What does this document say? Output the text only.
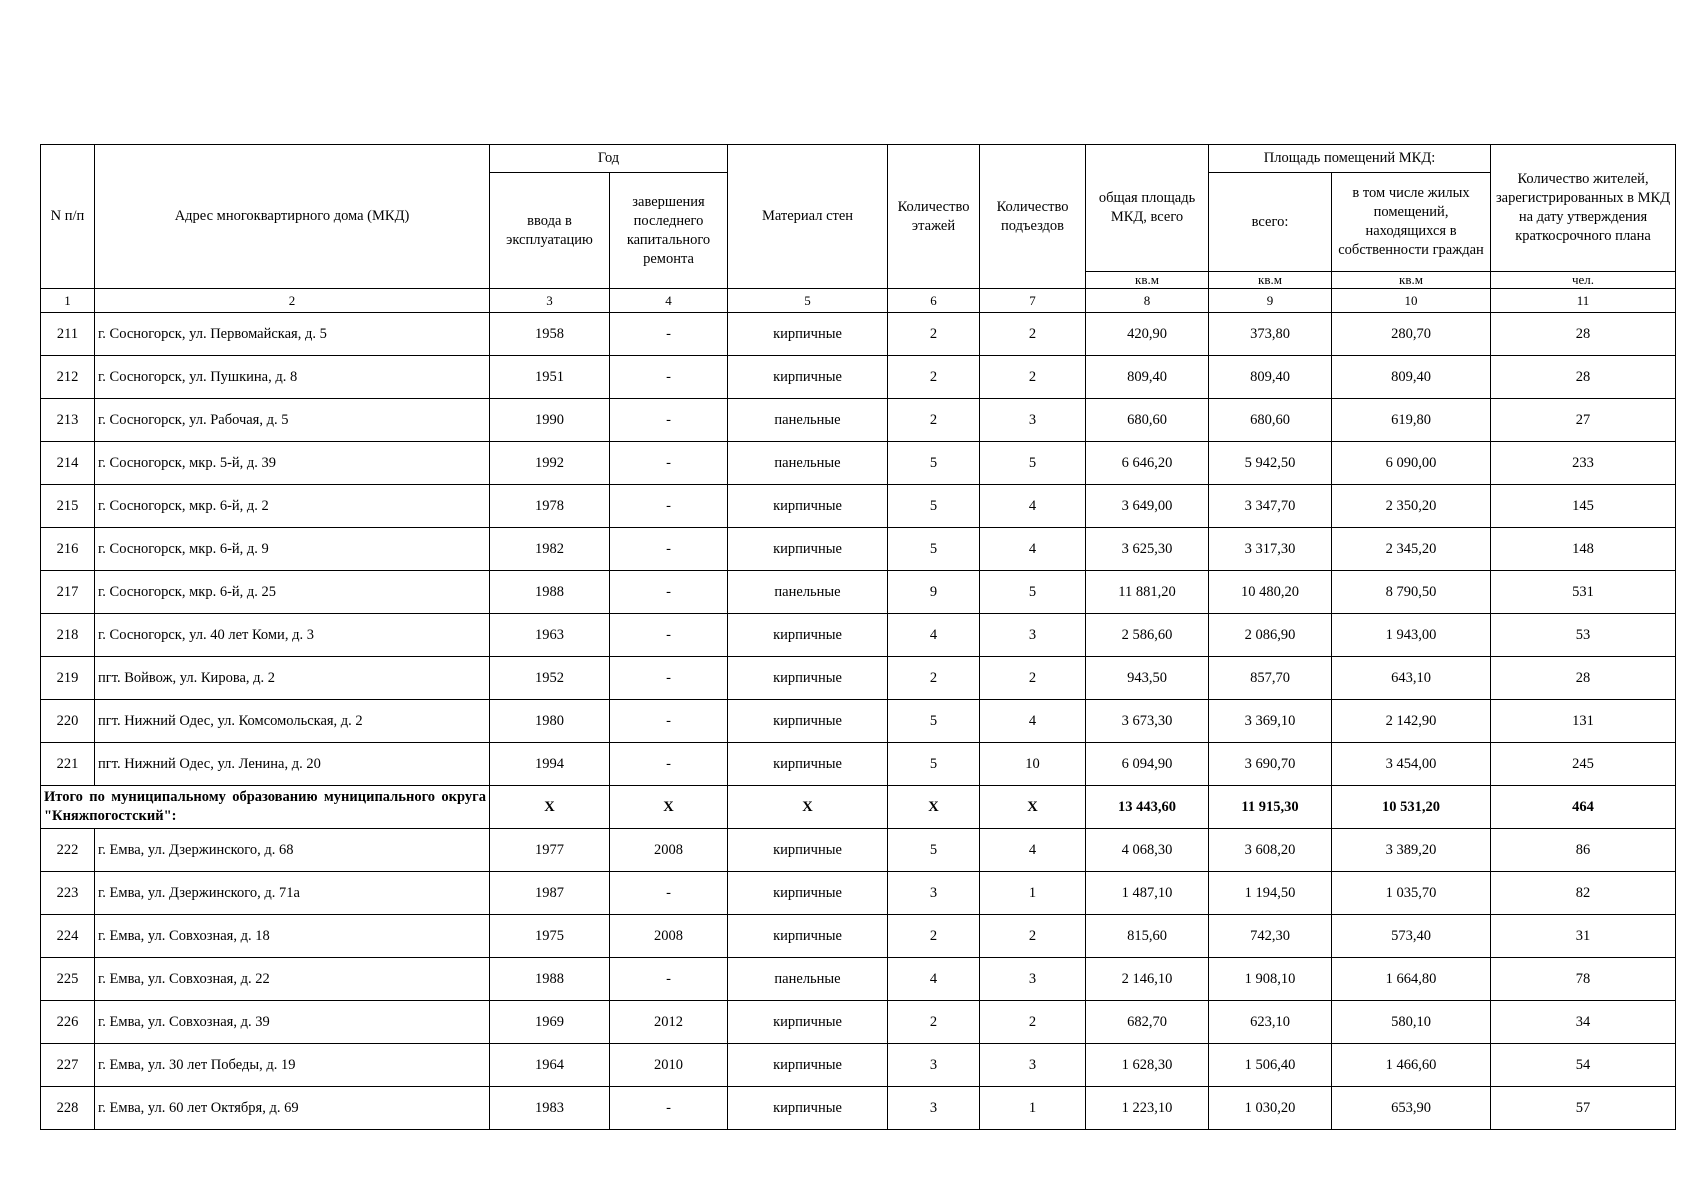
N п/п	Адрес многоквартирного дома (МКД)	Год		Материал стен	Количество этажей	Количество подъездов	общая площадь МКД, всего	Площадь помещений МКД:		Количество жителей, зарегистрированных в МКД на дату утверждения краткосрочного плана
		ввода в эксплуатацию	завершения последнего капитального ремонта					всего:	в том числе жилых помещений, находящихся в собственности граждан	
							кв.м	кв.м	кв.м	чел.
1	2	3	4	5	6	7	8	9	10	11
211	г. Сосногорск, ул. Первомайская, д. 5	1958	-	кирпичные	2	2	420,90	373,80	280,70	28
212	г. Сосногорск, ул. Пушкина, д. 8	1951	-	кирпичные	2	2	809,40	809,40	809,40	28
213	г. Сосногорск, ул. Рабочая, д. 5	1990	-	панельные	2	3	680,60	680,60	619,80	27
214	г. Сосногорск, мкр. 5-й, д. 39	1992	-	панельные	5	5	6 646,20	5 942,50	6 090,00	233
215	г. Сосногорск, мкр. 6-й, д. 2	1978	-	кирпичные	5	4	3 649,00	3 347,70	2 350,20	145
216	г. Сосногорск, мкр. 6-й, д. 9	1982	-	кирпичные	5	4	3 625,30	3 317,30	2 345,20	148
217	г. Сосногорск, мкр. 6-й, д. 25	1988	-	панельные	9	5	11 881,20	10 480,20	8 790,50	531
218	г. Сосногорск, ул. 40 лет Коми, д. 3	1963	-	кирпичные	4	3	2 586,60	2 086,90	1 943,00	53
219	пгт. Войвож, ул. Кирова, д. 2	1952	-	кирпичные	2	2	943,50	857,70	643,10	28
220	пгт. Нижний Одес, ул. Комсомольская, д. 2	1980	-	кирпичные	5	4	3 673,30	3 369,10	2 142,90	131
221	пгт. Нижний Одес, ул. Ленина, д. 20	1994	-	кирпичные	5	10	6 094,90	3 690,70	3 454,00	245
Итого по муниципальному образованию муниципального округа "Княжпогостский":		X	X	X	X	X	13 443,60	11 915,30	10 531,20	464
222	г. Емва, ул. Дзержинского, д. 68	1977	2008	кирпичные	5	4	4 068,30	3 608,20	3 389,20	86
223	г. Емва, ул. Дзержинского, д. 71а	1987	-	кирпичные	3	1	1 487,10	1 194,50	1 035,70	82
224	г. Емва, ул. Совхозная, д. 18	1975	2008	кирпичные	2	2	815,60	742,30	573,40	31
225	г. Емва, ул. Совхозная, д. 22	1988	-	панельные	4	3	2 146,10	1 908,10	1 664,80	78
226	г. Емва, ул. Совхозная, д. 39	1969	2012	кирпичные	2	2	682,70	623,10	580,10	34
227	г. Емва, ул. 30 лет Победы, д. 19	1964	2010	кирпичные	3	3	1 628,30	1 506,40	1 466,60	54
228	г. Емва, ул. 60 лет Октября, д. 69	1983	-	кирпичные	3	1	1 223,10	1 030,20	653,90	57
